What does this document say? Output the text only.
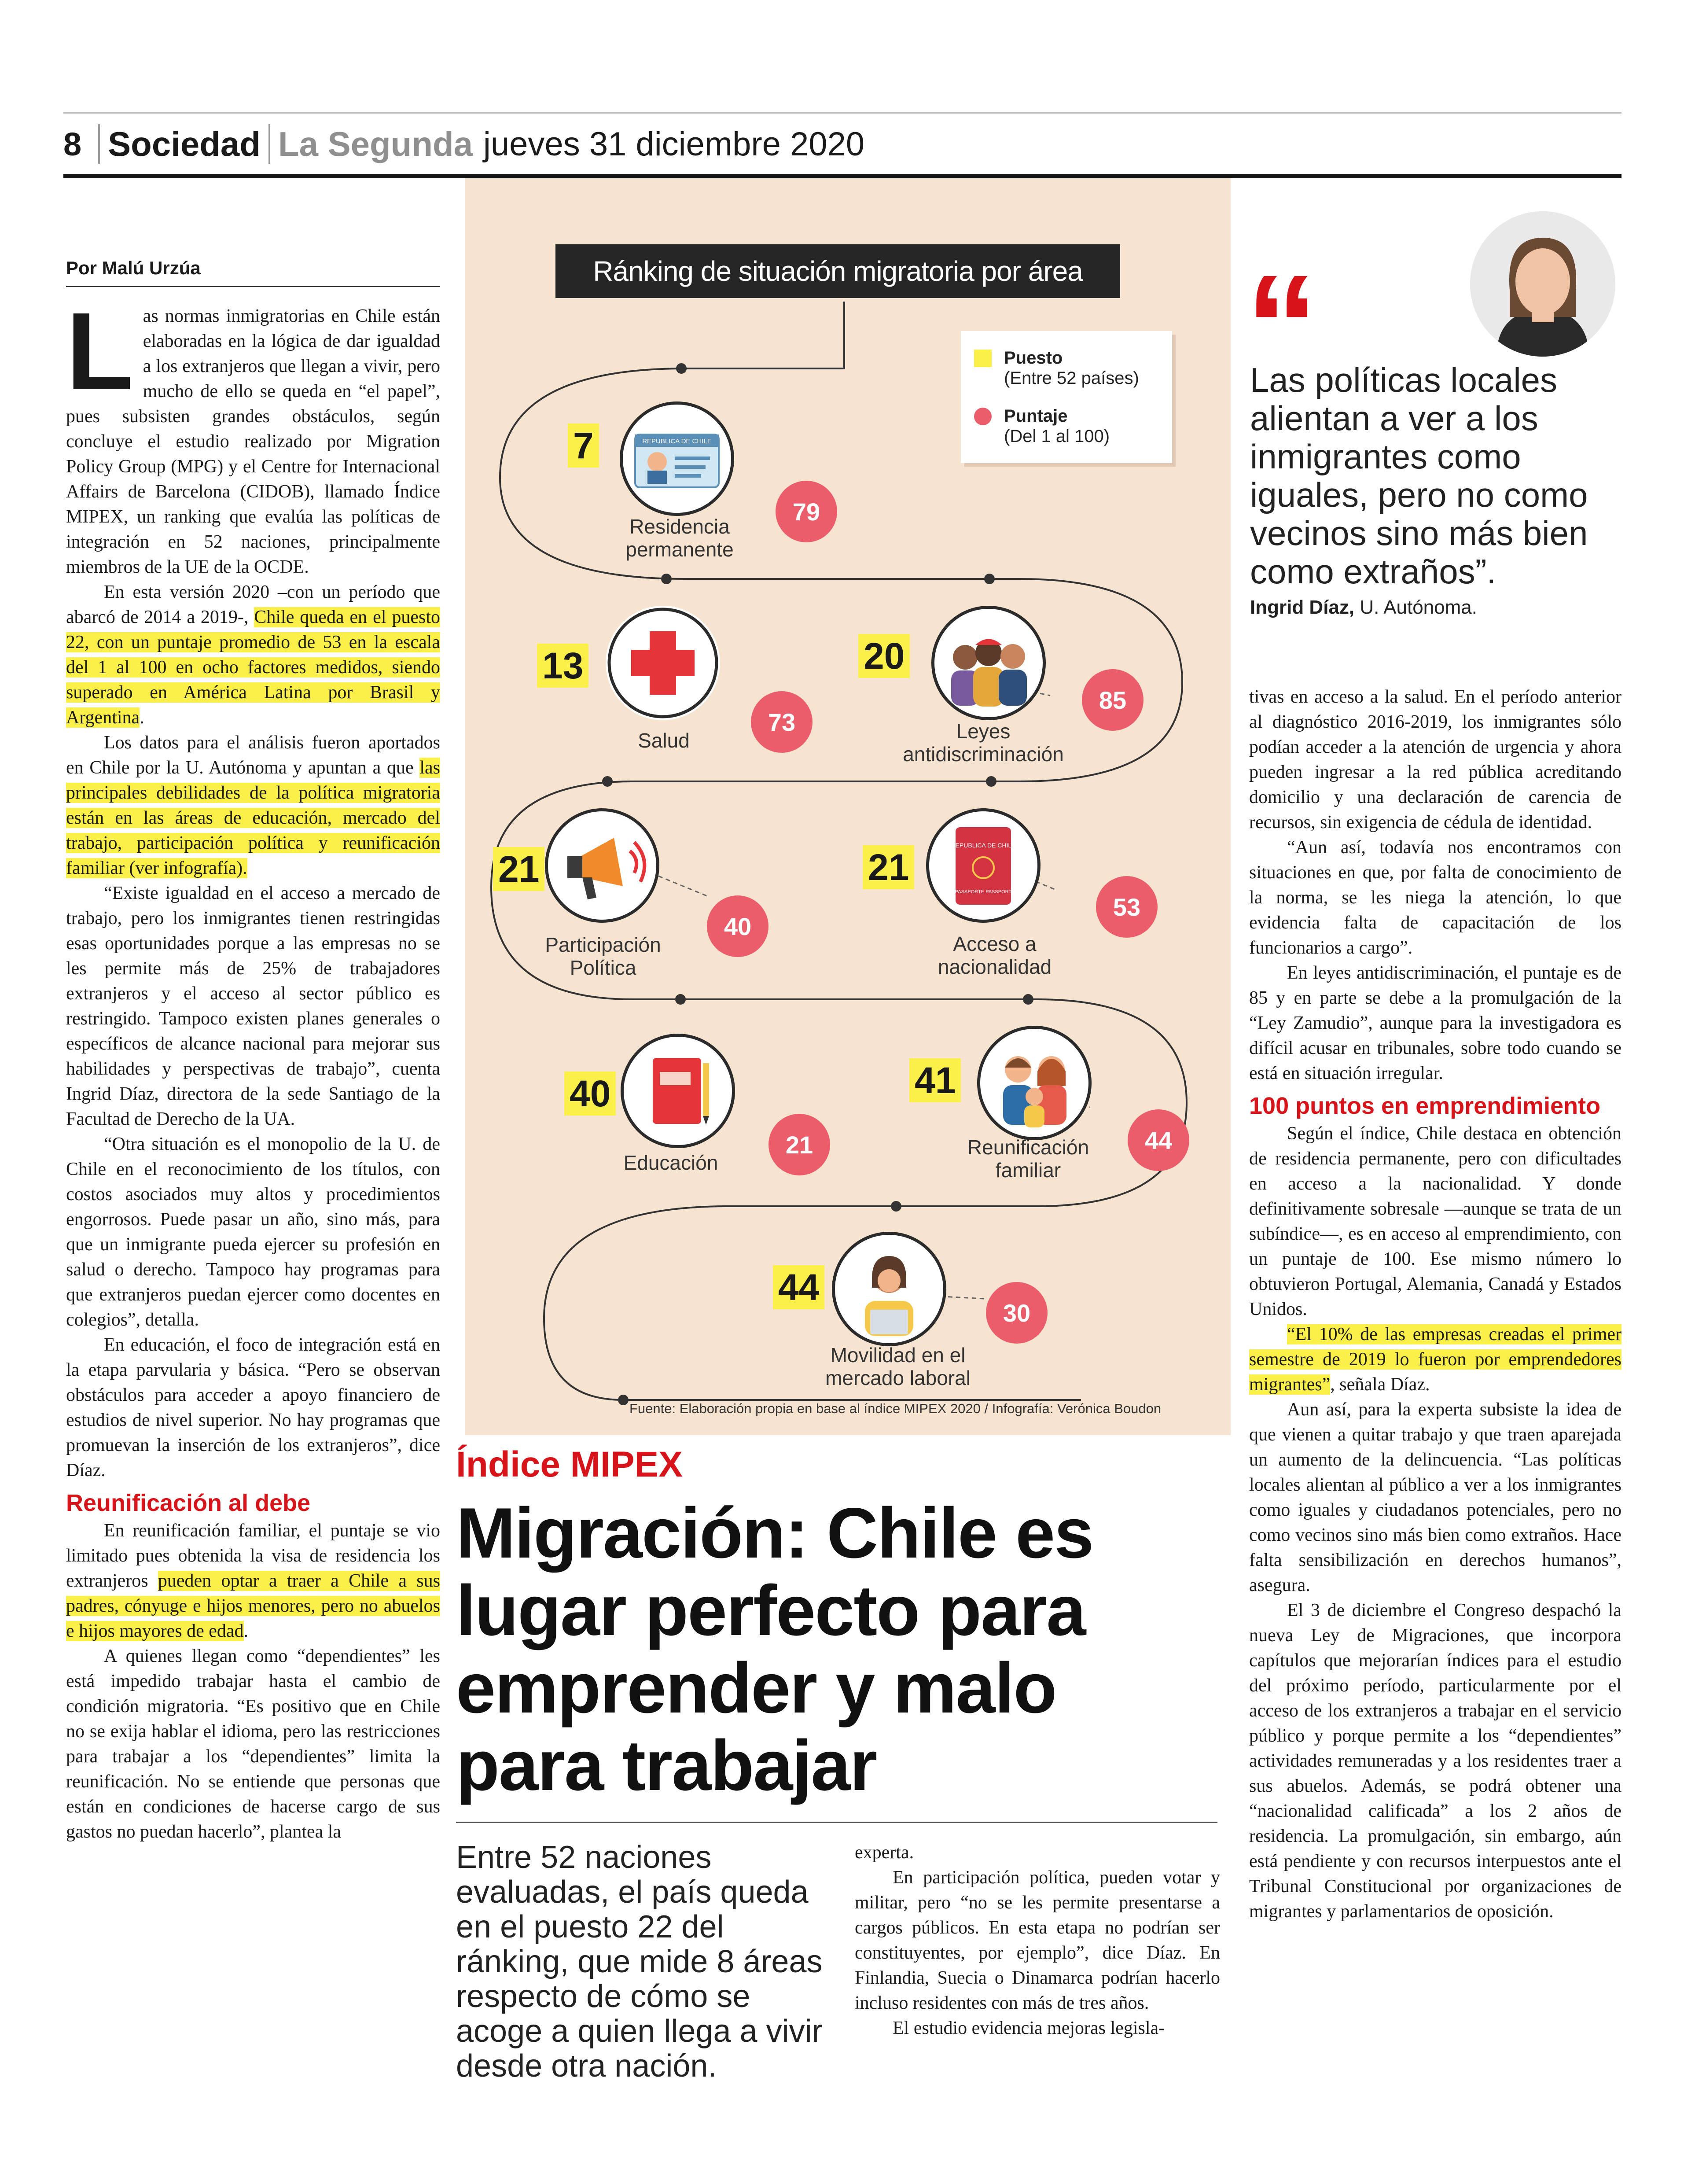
8 Sociedad La Segunda jueves 31 diciembre 2020
Por Malú Urzúa

Las normas inmigratorias en Chile están elaboradas en la lógica de dar igualdad a los extranjeros que llegan a vivir, pero mucho de ello se queda en “el papel”, pues subsisten grandes obstáculos, según concluye el estudio realizado por Migration Policy Group (MPG) y el Centre for Internacional Affairs de Barcelona (CIDOB), llamado Índice MIPEX, un ranking que evalúa las políticas de integración en 52 naciones, principalmente miembros de la UE de la OCDE.

En esta versión 2020 –con un período que abarcó de 2014 a 2019-, Chile queda en el puesto 22, con un puntaje promedio de 53 en la escala del 1 al 100 en ocho factores medidos, siendo superado en América Latina por Brasil y Argentina.

Los datos para el análisis fueron aportados en Chile por la U. Autónoma y apuntan a que las principales debilidades de la política migratoria están en las áreas de educación, mercado del trabajo, participación política y reunificación familiar (ver infografía).

“Existe igualdad en el acceso a mercado de trabajo, pero los inmigrantes tienen restringidas esas oportunidades porque a las empresas no se les permite más de 25% de trabajadores extranjeros y el acceso al sector público es restringido. Tampoco existen planes generales o específicos de alcance nacional para mejorar sus habilidades y perspectivas de trabajo”, cuenta Ingrid Díaz, directora de la sede Santiago de la Facultad de Derecho de la UA.

“Otra situación es el monopolio de la U. de Chile en el reconocimiento de los títulos, con costos asociados muy altos y procedimientos engorrosos. Puede pasar un año, sino más, para que un inmigrante pueda ejercer su profesión en salud o derecho. Tampoco hay programas para que extranjeros puedan ejercer como docentes en colegios”, detalla.

En educación, el foco de integración está en la etapa parvularia y básica. “Pero se observan obstáculos para acceder a apoyo financiero de estudios de nivel superior. No hay programas que promuevan la inserción de los extranjeros”, dice Díaz.

Reunificación al debe

En reunificación familiar, el puntaje se vio limitado pues obtenida la visa de residencia los extranjeros pueden optar a traer a Chile a sus padres, cónyuge e hijos menores, pero no abuelos e hijos mayores de edad.

A quienes llegan como “dependientes” les está impedido trabajar hasta el cambio de condición migratoria. “Es positivo que en Chile no se exija hablar el idioma, pero las restricciones para trabajar a los “dependientes” limita la reunificación. No se entiende que personas que están en condiciones de hacerse cargo de sus gastos no puedan hacerlo”, plantea la

Ránking de situación migratoria por área
Puesto
(Entre 52 países)
Puntaje
(Del 1 al 100)
REPUBLICA DE CHILE
7
79
Residencia permanente
13
73
Salud
20
85
Leyes antidiscriminación
21
40
Participación Política
REPUBLICA DE CHILE
PASAPORTE PASSPORT
21
53
Acceso a nacionalidad
40
21
Educación
41
44
Reunificación familiar
44
30
Movilidad en el mercado laboral
Fuente: Elaboración propia en base al índice MIPEX 2020 / Infografía: Verónica Boudon
Índice MIPEX
Migración: Chile es lugar perfecto para emprender y malo para trabajar
Entre 52 naciones evaluadas, el país queda en el puesto 22 del ránking, que mide 8 áreas respecto de cómo se acoge a quien llega a vivir desde otra nación.

experta.

En participación política, pueden votar y militar, pero “no se les permite presentarse a cargos públicos. En esta etapa no podrían ser constituyentes, por ejemplo”, dice Díaz. En Finlandia, Suecia o Dinamarca podrían hacerlo incluso residentes con más de tres años.

El estudio evidencia mejoras legisla-

“
Las políticas locales alientan a ver a los inmigrantes como iguales, pero no como vecinos sino más bien como extraños”.
Ingrid Díaz, U. Autónoma.

tivas en acceso a la salud. En el período anterior al diagnóstico 2016-2019, los inmigrantes sólo podían acceder a la atención de urgencia y ahora pueden ingresar a la red pública acreditando domicilio y una declaración de carencia de recursos, sin exigencia de cédula de identidad.

“Aun así, todavía nos encontramos con situaciones en que, por falta de conocimiento de la norma, se les niega la atención, lo que evidencia falta de capacitación de los funcionarios a cargo”.

En leyes antidiscriminación, el puntaje es de 85 y en parte se debe a la promulgación de la “Ley Zamudio”, aunque para la investigadora es difícil acusar en tribunales, sobre todo cuando se está en situación irregular.

100 puntos en emprendimiento

Según el índice, Chile destaca en obtención de residencia permanente, pero con dificultades en acceso a la nacionalidad. Y donde definitivamente sobresale —aunque se trata de un subíndice—, es en acceso al emprendimiento, con un puntaje de 100. Ese mismo número lo obtuvieron Portugal, Alemania, Canadá y Estados Unidos.

“El 10% de las empresas creadas el primer semestre de 2019 lo fueron por emprendedores migrantes”, señala Díaz.

Aun así, para la experta subsiste la idea de que vienen a quitar trabajo y que traen aparejada un aumento de la delincuencia. “Las políticas locales alientan al público a ver a los inmigrantes como iguales y ciudadanos potenciales, pero no como vecinos sino más bien como extraños. Hace falta sensibilización en derechos humanos”, asegura.

El 3 de diciembre el Congreso despachó la nueva Ley de Migraciones, que incorpora capítulos que mejorarían índices para el estudio del próximo período, particularmente por el acceso de los extranjeros a trabajar en el servicio público y porque permite a los “dependientes” actividades remuneradas y a los residentes traer a sus abuelos. Además, se podrá obtener una “nacionalidad calificada” a los 2 años de residencia. La promulgación, sin embargo, aún está pendiente y con recursos interpuestos ante el Tribunal Constitucional por organizaciones de migrantes y parlamentarios de oposición.
